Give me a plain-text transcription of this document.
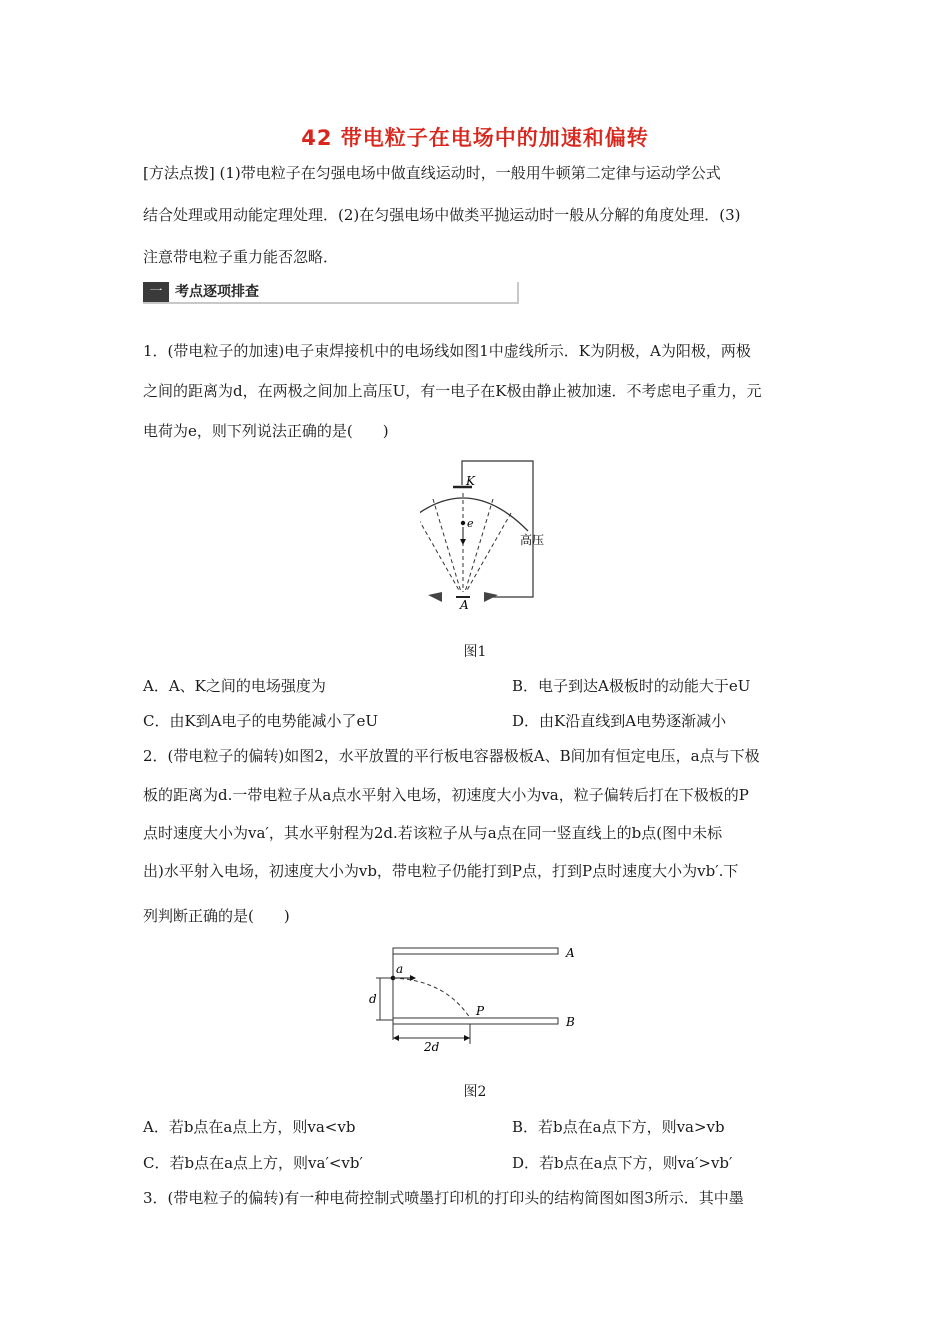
42 带电粒子在电场中的加速和偏转
[方法点拨] (1)带电粒子在匀强电场中做直线运动时，一般用牛顿第二定律与运动学公式
结合处理或用动能定理处理．(2)在匀强电场中做类平抛运动时一般从分解的角度处理．(3)
注意带电粒子重力能否忽略．
一 考点逐项排查
1．(带电粒子的加速)电子束焊接机中的电场线如图1中虚线所示．K为阴极，A为阳极，两极
之间的距离为d，在两极之间加上高压U，有一电子在K极由静止被加速．不考虑电子重力，元
电荷为e，则下列说法正确的是(　　)
K
e
A
高压
图1
A．A、K之间的电场强度为	B．电子到达A极板时的动能大于eU
C．由K到A电子的电势能减小了eU	D．由K沿直线到A电势逐渐减小
2．(带电粒子的偏转)如图2，水平放置的平行板电容器极板A、B间加有恒定电压，a点与下极
板的距离为d.一带电粒子从a点水平射入电场，初速度大小为va，粒子偏转后打在下极板的P
点时速度大小为va′，其水平射程为2d.若该粒子从与a点在同一竖直线上的b点(图中未标
出)水平射入电场，初速度大小为vb，带电粒子仍能打到P点，打到P点时速度大小为vb′.下
列判断正确的是(　　)
A
B
a
P
d
2d
图2
A．若b点在a点上方，则va<vb	B．若b点在a点下方，则va>vb
C．若b点在a点上方，则va′<vb′	D．若b点在a点下方，则va′>vb′
3．(带电粒子的偏转)有一种电荷控制式喷墨打印机的打印头的结构简图如图3所示．其中墨
